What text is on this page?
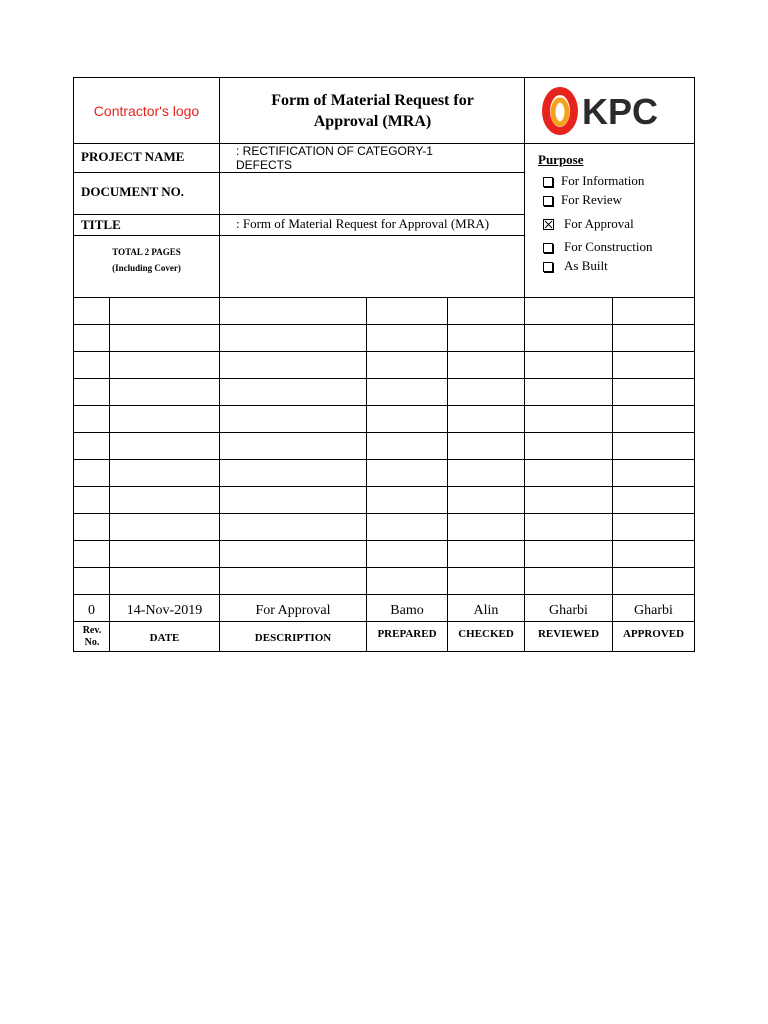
Contractor's logo
Form of Material Request for Approval (MRA)	KPC
PROJECT NAME	: RECTIFICATION OF CATEGORY-1 DEFECTS
DOCUMENT NO.
TITLE	: Form of Material Request for Approval (MRA)
TOTAL 2 PAGES
(Including Cover)
Purpose
For Information
For Review
For Approval
For Construction
As Built
0	14-Nov-2019	For Approval	Bamo	Alin	Gharbi	Gharbi
Rev. No.	DATE	DESCRIPTION	PREPARED	CHECKED	REVIEWED	APPROVED
